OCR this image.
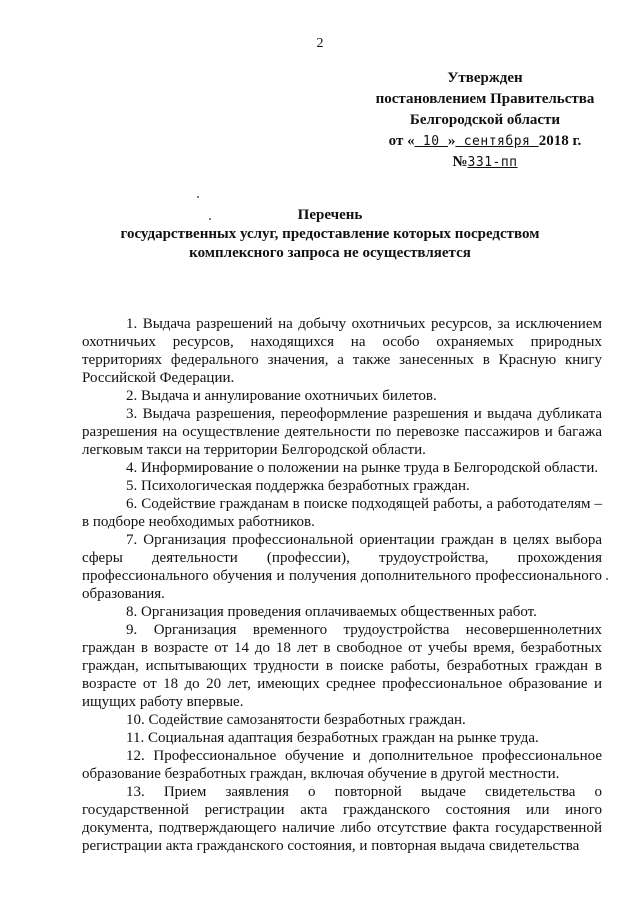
2
Утвержден
постановлением Правительства
Белгородской области
от « 10 » сентября 2018 г.
№331-пп
Перечень
государственных услуг, предоставление которых посредством
комплексного запроса не осуществляется

1. Выдача разрешений на добычу охотничьих ресурсов, за исключением охотничьих ресурсов, находящихся на особо охраняемых природных территориях федерального значения, а также занесенных в Красную книгу Российской Федерации.

2. Выдача и аннулирование охотничьих билетов.

3. Выдача разрешения, переоформление разрешения и выдача дубликата разрешения на осуществление деятельности по перевозке пассажиров и багажа легковым такси на территории Белгородской области.

4. Информирование о положении на рынке труда в Белгородской области.

5. Психологическая поддержка безработных граждан.

6. Содействие гражданам в поиске подходящей работы, а работодателям – в подборе необходимых работников.

7. Организация профессиональной ориентации граждан в целях выбора сферы деятельности (профессии), трудоустройства, прохождения профессионального обучения и получения дополнительного профессионального образования.

8. Организация проведения оплачиваемых общественных работ.

9. Организация временного трудоустройства несовершеннолетних граждан в возрасте от 14 до 18 лет в свободное от учебы время, безработных граждан, испытывающих трудности в поиске работы, безработных граждан в возрасте от 18 до 20 лет, имеющих среднее профессиональное образование и ищущих работу впервые.

10. Содействие самозанятости безработных граждан.

11. Социальная адаптация безработных граждан на рынке труда.

12. Профессиональное обучение и дополнительное профессиональное образование безработных граждан, включая обучение в другой местности.

13. Прием заявления о повторной выдаче свидетельства о государственной регистрации акта гражданского состояния или иного документа, подтверждающего наличие либо отсутствие факта государственной регистрации акта гражданского состояния, и повторная выдача свидетельства
